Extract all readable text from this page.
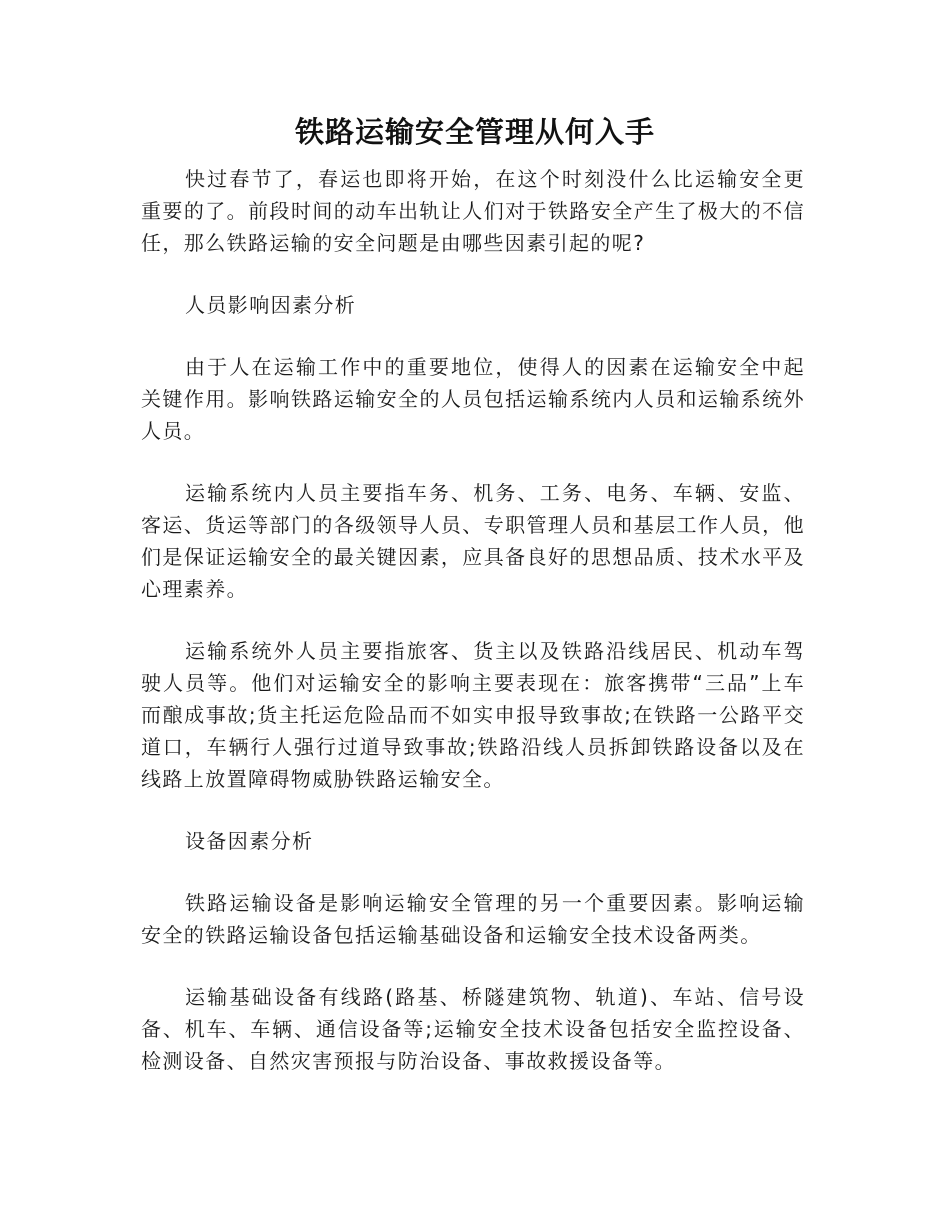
铁路运输安全管理从何入手

快过春节了，春运也即将开始，在这个时刻没什么比运输安全更重要的了。前段时间的动车出轨让人们对于铁路安全产生了极大的不信任，那么铁路运输的安全问题是由哪些因素引起的呢?

人员影响因素分析

由于人在运输工作中的重要地位，使得人的因素在运输安全中起关键作用。影响铁路运输安全的人员包括运输系统内人员和运输系统外人员。

运输系统内人员主要指车务、机务、工务、电务、车辆、安监、客运、货运等部门的各级领导人员、专职管理人员和基层工作人员，他们是保证运输安全的最关键因素，应具备良好的思想品质、技术水平及心理素养。

运输系统外人员主要指旅客、货主以及铁路沿线居民、机动车驾驶人员等。他们对运输安全的影响主要表现在：旅客携带“三品”上车而酿成事故;货主托运危险品而不如实申报导致事故;在铁路一公路平交道口，车辆行人强行过道导致事故;铁路沿线人员拆卸铁路设备以及在线路上放置障碍物威胁铁路运输安全。

设备因素分析

铁路运输设备是影响运输安全管理的另一个重要因素。影响运输安全的铁路运输设备包括运输基础设备和运输安全技术设备两类。

运输基础设备有线路(路基、桥隧建筑物、轨道)、车站、信号设备、机车、车辆、通信设备等;运输安全技术设备包括安全监控设备、检测设备、自然灾害预报与防治设备、事故救援设备等。
